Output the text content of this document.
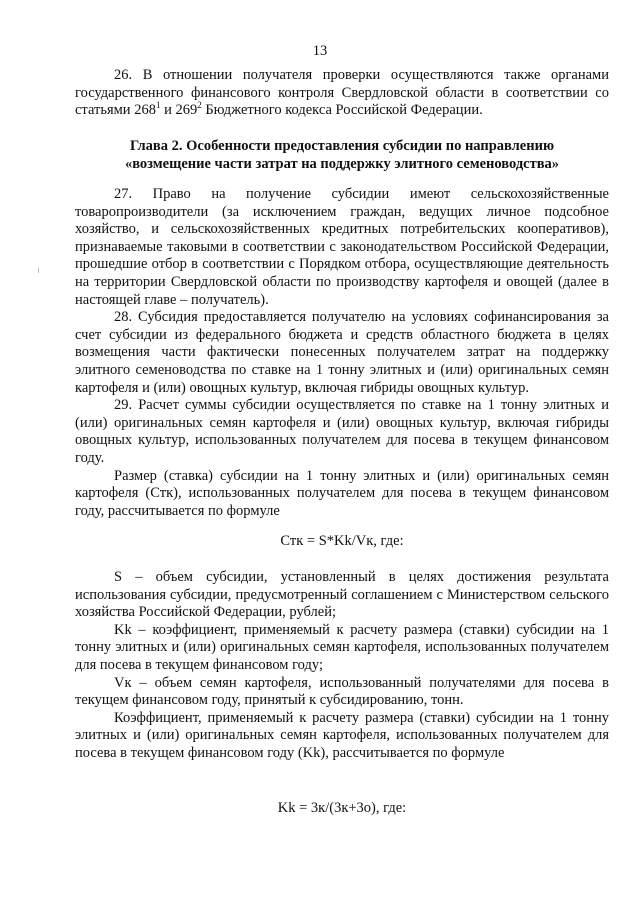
13

26. В отношении получателя проверки осуществляются также органами государственного финансового контроля Свердловской области в соответствии со статьями $268^1$ и $269^2$ Бюджетного кодекса Российской Федерации.

Глава 2. Особенности предоставления субсидии по направлению

«возмещение части затрат на поддержку элитного семеноводства»

27. Право на получение субсидии имеют сельскохозяйственные товаропроизводители (за исключением граждан, ведущих личное подсобное хозяйство, и сельскохозяйственных кредитных потребительских кооперативов), признаваемые таковыми в соответствии с законодательством Российской Федерации, прошедшие отбор в соответствии с Порядком отбора, осуществляющие деятельность на территории Свердловской области по производству картофеля и овощей (далее в настоящей главе – получатель).

28. Субсидия предоставляется получателю на условиях софинансирования за счет субсидии из федерального бюджета и средств областного бюджета в целях возмещения части фактически понесенных получателем затрат на поддержку элитного семеноводства по ставке на 1 тонну элитных и (или) оригинальных семян картофеля и (или) овощных культур, включая гибриды овощных культур.

29. Расчет суммы субсидии осуществляется по ставке на 1 тонну элитных и (или) оригинальных семян картофеля и (или) овощных культур, включая гибриды овощных культур, использованных получателем для посева в текущем финансовом году.

Размер (ставка) субсидии на 1 тонну элитных и (или) оригинальных семян картофеля (Стк), использованных получателем для посева в текущем финансовом году, рассчитывается по формуле

Стк = S*Kk/Vк, где:

S – объем субсидии, установленный в целях достижения результата использования субсидии, предусмотренный соглашением с Министерством сельского хозяйства Российской Федерации, рублей;

Kk – коэффициент, применяемый к расчету размера (ставки) субсидии на 1 тонну элитных и (или) оригинальных семян картофеля, использованных получателем для посева в текущем финансовом году;

Vк – объем семян картофеля, использованный получателями для посева в текущем финансовом году, принятый к субсидированию, тонн.

Коэффициент, применяемый к расчету размера (ставки) субсидии на 1 тонну элитных и (или) оригинальных семян картофеля, использованных получателем для посева в текущем финансовом году (Kk), рассчитывается по формуле

Kk = 3к/(3к+3о), где:
